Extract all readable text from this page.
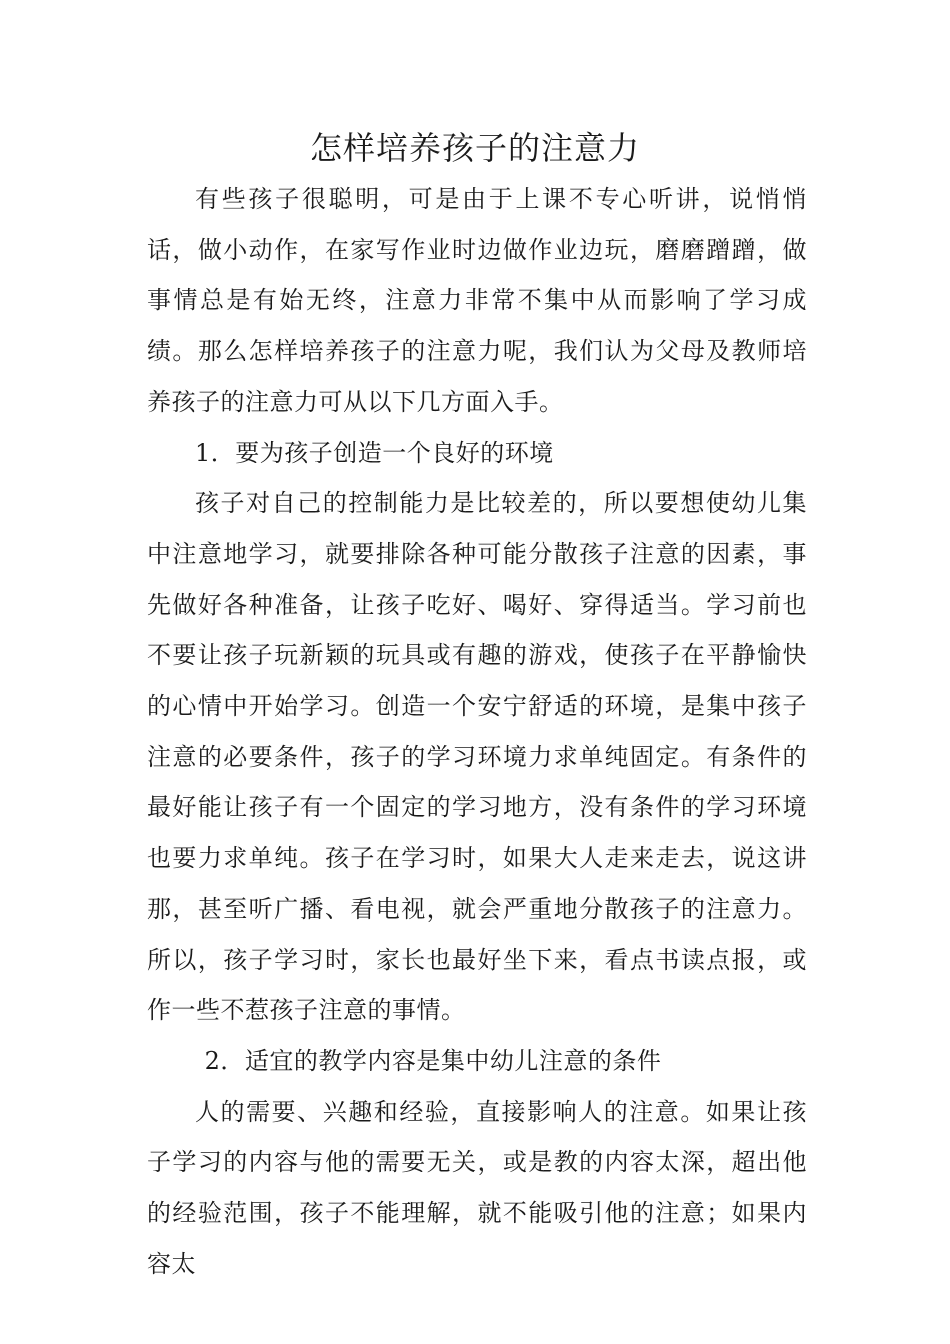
怎样培养孩子的注意力

有些孩子很聪明，可是由于上课不专心听讲，说悄悄话，做小动作，在家写作业时边做作业边玩，磨磨蹭蹭，做事情总是有始无终，注意力非常不集中从而影响了学习成绩。那么怎样培养孩子的注意力呢，我们认为父母及教师培养孩子的注意力可从以下几方面入手。

1．要为孩子创造一个良好的环境

孩子对自己的控制能力是比较差的，所以要想使幼儿集中注意地学习，就要排除各种可能分散孩子注意的因素，事先做好各种准备，让孩子吃好、喝好、穿得适当。学习前也不要让孩子玩新颖的玩具或有趣的游戏，使孩子在平静愉快的心情中开始学习。创造一个安宁舒适的环境，是集中孩子注意的必要条件，孩子的学习环境力求单纯固定。有条件的最好能让孩子有一个固定的学习地方，没有条件的学习环境也要力求单纯。孩子在学习时，如果大人走来走去，说这讲那，甚至听广播、看电视，就会严重地分散孩子的注意力。所以，孩子学习时，家长也最好坐下来，看点书读点报，或作一些不惹孩子注意的事情。

2．适宜的教学内容是集中幼儿注意的条件

人的需要、兴趣和经验，直接影响人的注意。如果让孩子学习的内容与他的需要无关，或是教的内容太深，超出他的经验范围，孩子不能理解，就不能吸引他的注意；如果内容太
